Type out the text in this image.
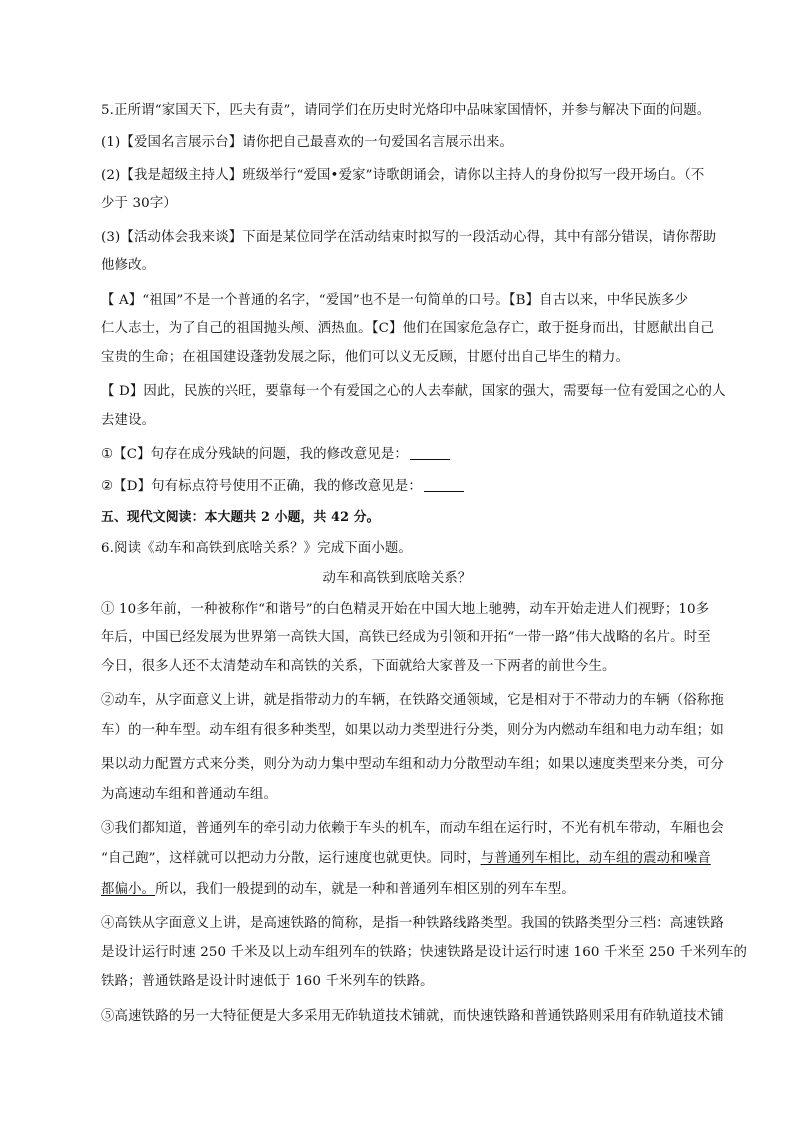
5.正所谓“家国天下，匹夫有责”，请同学们在历史时光烙印中品味家国情怀，并参与解决下面的问题。
(1)【爱国名言展示台】请你把自己最喜欢的一句爱国名言展示出来。
(2)【我是超级主持人】班级举行“爱国•爱家”诗歌朗诵会，请你以主持人的身份拟写一段开场白。（不
少于 30字）
(3)【活动体会我来谈】下面是某位同学在活动结束时拟写的一段活动心得，其中有部分错误，请你帮助
他修改。
【 A】“祖国”不是一个普通的名字，“爱国”也不是一句简单的口号。【B】自古以来，中华民族多少
仁人志士，为了自己的祖国抛头颅、洒热血。【C】他们在国家危急存亡，敢于挺身而出，甘愿献出自己
宝贵的生命；在祖国建设蓬勃发展之际，他们可以义无反顾，甘愿付出自己毕生的精力。
【 D】因此，民族的兴旺，要靠每一个有爱国之心的人去奉献，国家的强大，需要每一位有爱国之心的人
去建设。
①【C】句存在成分残缺的问题，我的修改意见是：
②【D】句有标点符号使用不正确，我的修改意见是：
五、现代文阅读：本大题共 2 小题，共 42 分。
6.阅读《动车和高铁到底啥关系？》完成下面小题。
动车和高铁到底啥关系？
① 10多年前，一种被称作“和谐号”的白色精灵开始在中国大地上驰骋，动车开始走进人们视野；10多
年后，中国已经发展为世界第一高铁大国，高铁已经成为引领和开拓“一带一路”伟大战略的名片。时至
今日，很多人还不太清楚动车和高铁的关系，下面就给大家普及一下两者的前世今生。
②动车，从字面意义上讲，就是指带动力的车辆，在铁路交通领域，它是相对于不带动力的车辆（俗称拖
车）的一种车型。动车组有很多种类型，如果以动力类型进行分类，则分为内燃动车组和电力动车组；如
果以动力配置方式来分类，则分为动力集中型动车组和动力分散型动车组；如果以速度类型来分类，可分
为高速动车组和普通动车组。
③我们都知道，普通列车的牵引动力依赖于车头的机车，而动车组在运行时，不光有机车带动，车厢也会
“自己跑”，这样就可以把动力分散，运行速度也就更快。同时，与普通列车相比，动车组的震动和噪音
都偏小。所以，我们一般提到的动车，就是一种和普通列车相区别的列车车型。
④高铁从字面意义上讲，是高速铁路的简称，是指一种铁路线路类型。我国的铁路类型分三档：高速铁路
是设计运行时速 250 千米及以上动车组列车的铁路；快速铁路是设计运行时速 160 千米至 250 千米列车的
铁路；普通铁路是设计时速低于 160 千米列车的铁路。
⑤高速铁路的另一大特征便是大多采用无砟轨道技术铺就，而快速铁路和普通铁路则采用有砟轨道技术铺
